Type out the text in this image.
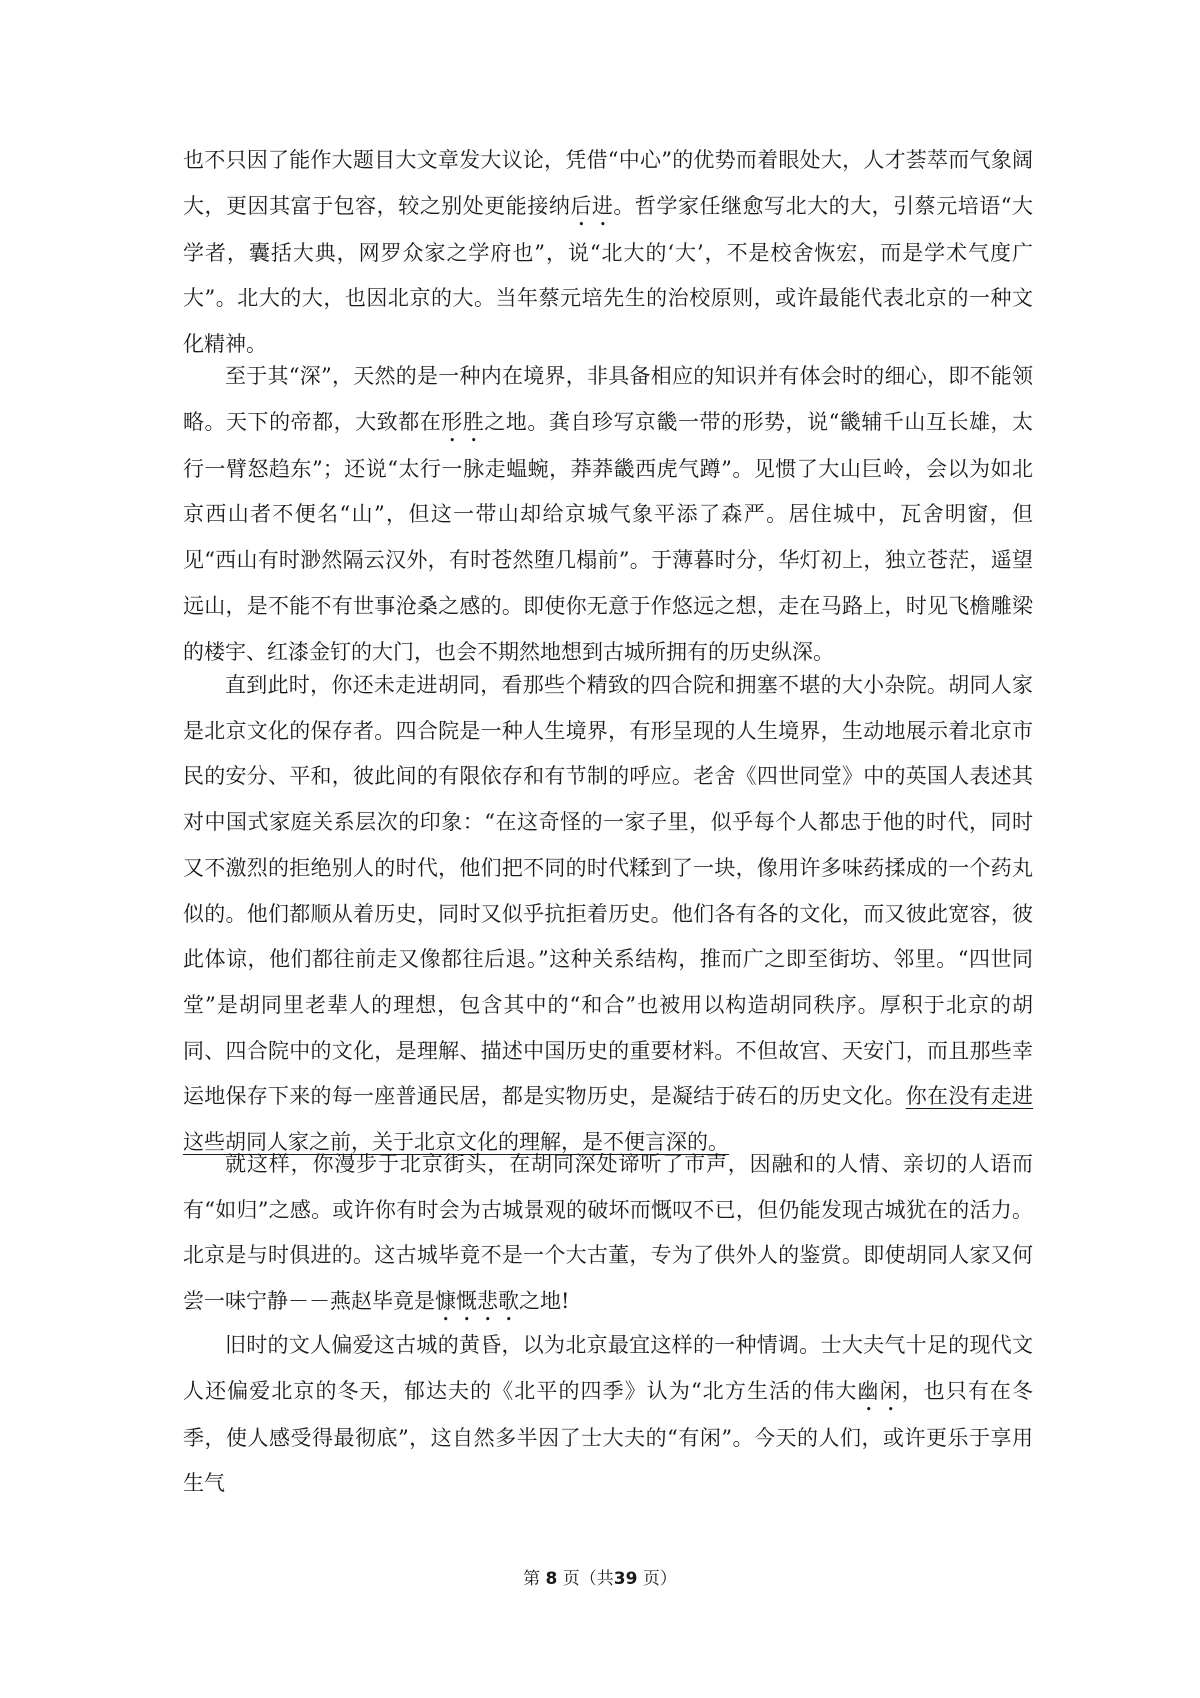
也不只因了能作大题目大文章发大议论，凭借“中心”的优势而着眼处大，人才荟萃而气象阔大，更因其富于包容，较之别处更能接纳后进。哲学家任继愈写北大的大，引蔡元培语“大学者，囊括大典，网罗众家之学府也”，说“北大的‘大’，不是校舍恢宏，而是学术气度广大”。北大的大，也因北京的大。当年蔡元培先生的治校原则，或许最能代表北京的一种文化精神。

至于其“深”，天然的是一种内在境界，非具备相应的知识并有体会时的细心，即不能领略。天下的帝都，大致都在形胜之地。龚自珍写京畿一带的形势，说“畿辅千山互长雄，太行一臂怒趋东”；还说“太行一脉走蝹蜿，莽莽畿西虎气蹲”。见惯了大山巨岭，会以为如北京西山者不便名“山”，但这一带山却给京城气象平添了森严。居住城中，瓦舍明窗，但见“西山有时渺然隔云汉外，有时苍然堕几榻前”。于薄暮时分，华灯初上，独立苍茫，遥望远山，是不能不有世事沧桑之感的。即使你无意于作悠远之想，走在马路上，时见飞檐雕梁的楼宇、红漆金钉的大门，也会不期然地想到古城所拥有的历史纵深。

直到此时，你还未走进胡同，看那些个精致的四合院和拥塞不堪的大小杂院。胡同人家是北京文化的保存者。四合院是一种人生境界，有形呈现的人生境界，生动地展示着北京市民的安分、平和，彼此间的有限依存和有节制的呼应。老舍《四世同堂》中的英国人表述其对中国式家庭关系层次的印象：“在这奇怪的一家子里，似乎每个人都忠于他的时代，同时又不激烈的拒绝别人的时代，他们把不同的时代糅到了一块，像用许多味药揉成的一个药丸似的。他们都顺从着历史，同时又似乎抗拒着历史。他们各有各的文化，而又彼此宽容，彼此体谅，他们都往前走又像都往后退。”这种关系结构，推而广之即至街坊、邻里。“四世同堂”是胡同里老辈人的理想，包含其中的“和合”也被用以构造胡同秩序。厚积于北京的胡同、四合院中的文化，是理解、描述中国历史的重要材料。不但故宫、天安门，而且那些幸运地保存下来的每一座普通民居，都是实物历史，是凝结于砖石的历史文化。你在没有走进这些胡同人家之前，关于北京文化的理解，是不便言深的。

就这样，你漫步于北京街头，在胡同深处谛听了市声，因融和的人情、亲切的人语而有“如归”之感。或许你有时会为古城景观的破坏而慨叹不已，但仍能发现古城犹在的活力。北京是与时俱进的。这古城毕竟不是一个大古董，专为了供外人的鉴赏。即使胡同人家又何尝一味宁静－－燕赵毕竟是慷慨悲歌之地!

旧时的文人偏爱这古城的黄昏，以为北京最宜这样的一种情调。士大夫气十足的现代文人还偏爱北京的冬天，郁达夫的《北平的四季》认为“北方生活的伟大幽闲，也只有在冬季，使人感受得最彻底”，这自然多半因了士大夫的“有闲”。今天的人们，或许更乐于享用生气

第 8 页（共39 页）
